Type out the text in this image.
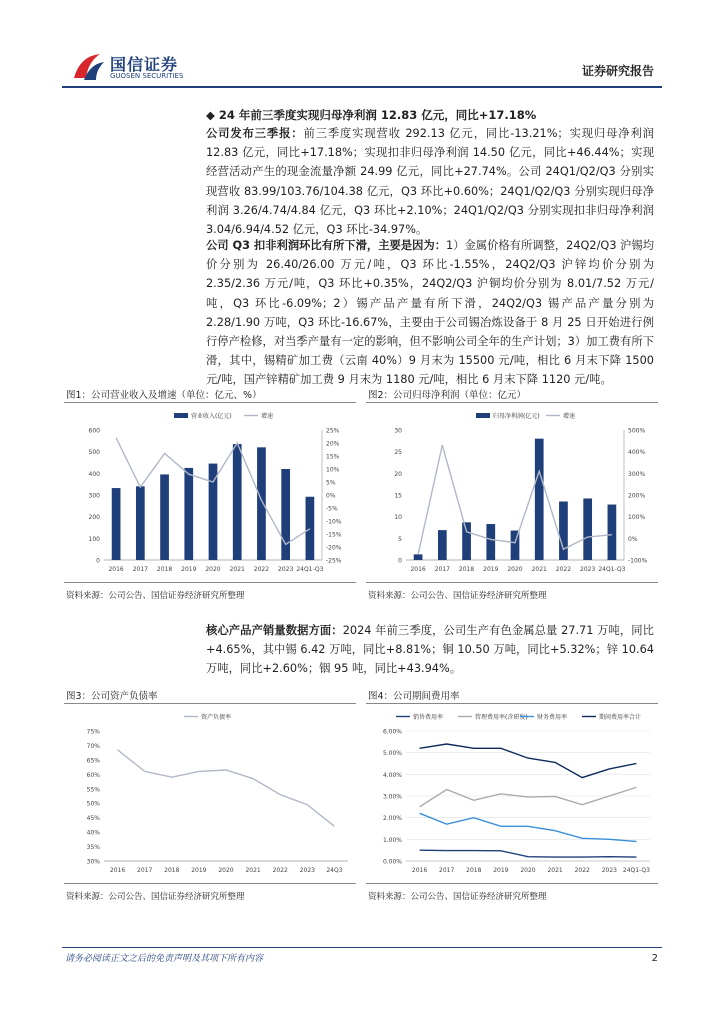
国信证券
GUOSEN SECURITIES	证券研究报告
◆ 24 年前三季度实现归母净利润 12.83 亿元，同比+17.18%
公司发布三季报：前三季度实现营收 292.13 亿元，同比-13.21%；实现归母净利润 12.83 亿元，同比+17.18%；实现扣非归母净利润 14.50 亿元，同比+46.44%；实现经营活动产生的现金流量净额 24.99 亿元，同比+27.74%。公司 24Q1/Q2/Q3 分别实现营收 83.99/103.76/104.38 亿元，Q3 环比+0.60%；24Q1/Q2/Q3 分别实现归母净利润 3.26/4.74/4.84 亿元，Q3 环比+2.10%；24Q1/Q2/Q3 分别实现扣非归母净利润 3.04/6.94/4.52 亿元，Q3 环比-34.97%。
公司 Q3 扣非利润环比有所下滑，主要是因为：1）金属价格有所调整，24Q2/Q3 沪锡均价分别为 26.40/26.00 万元/吨，Q3 环比-1.55%，24Q2/Q3 沪锌均价分别为 2.35/2.36 万元/吨，Q3 环比+0.35%，24Q2/Q3 沪铜均价分别为 8.01/7.52 万元/吨，Q3 环比-6.09%；2）锡产品产量有所下滑，24Q2/Q3 锡产品产量分别为 2.28/1.90 万吨，Q3 环比-16.67%，主要由于公司锡冶炼设备于 8 月 25 日开始进行例行停产检修，对当季产量有一定的影响，但不影响公司全年的生产计划；3）加工费有所下滑，其中，锡精矿加工费（云南 40%）9 月末为 15500 元/吨，相比 6 月末下降 1500 元/吨，国产锌精矿加工费 9 月末为 1180 元/吨，相比 6 月末下降 1120 元/吨。
图1：公司营业收入及增速（单位：亿元、%）
0
100
200
300
400
500
600
-25%
-20%
-15%
-10%
-5%
0%
5%
10%
15%
20%
25%
2016 2017 2018 2019 2020 2021 2022 2023 24Q1-Q3
营业收入(亿元)	增速
资料来源：公司公告、国信证券经济研究所整理
图2：公司归母净利润（单位：亿元）
0
5
10
15
20
25
30
-100%
0%
100%
200%
300%
400%
500%
2016 2017 2018 2019 2020 2021 2022 2023 24Q1-Q3
归母净利润(亿元)	增速
资料来源：公司公告、国信证券经济研究所整理
核心产品产销量数据方面：2024 年前三季度，公司生产有色金属总量 27.71 万吨，同比+4.65%，其中锡 6.42 万吨，同比+8.81%；铜 10.50 万吨，同比+5.32%；锌 10.64 万吨，同比+2.60%；铟 95 吨，同比+43.94%。
图3：公司资产负债率
30%
35%
40%
45%
50%
55%
60%
65%
70%
75%
2016 2017 2018 2019 2020 2021 2022 2023 24Q3
资产负债率
资料来源：公司公告、国信证券经济研究所整理
图4：公司期间费用率
0.00%
1.00%
2.00%
3.00%
4.00%
5.00%
6.00%
2016 2017 2018 2019 2020 2021 2022 2023 24Q1-Q3
销售费用率	管理费用率(含研发) 财务费用率	期间费用率合计
资料来源：公司公告、国信证券经济研究所整理
请务必阅读正文之后的免责声明及其项下所有内容	2
